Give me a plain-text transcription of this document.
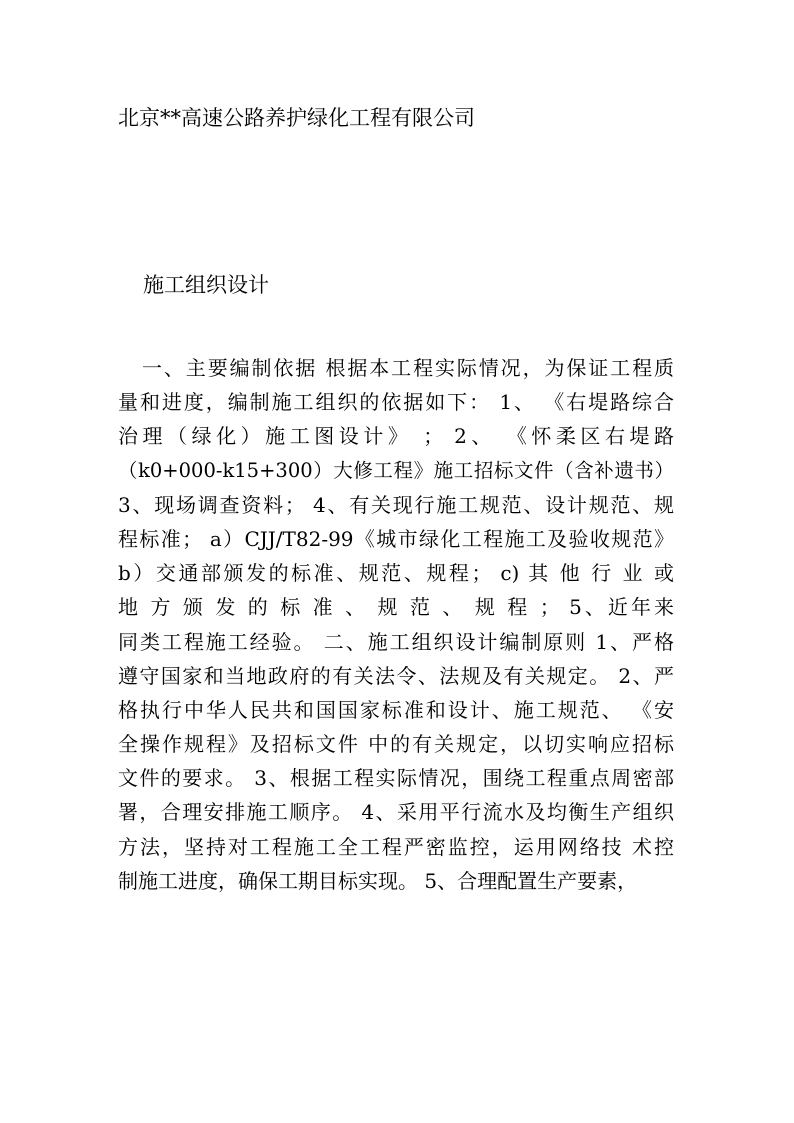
北京**高速公路养护绿化工程有限公司
施工组织设计
一、主要编制依据 根据本工程实际情况，为保证工程质
量和进度，编制施工组织的依据如下： 1、 《右堤路综合
治理（绿化）施工图设计》 ； 2、 《怀柔区右堤路
（k0+000-k15+300）大修工程》施工招标文件（含补遗书）
3、现场调查资料； 4、有关现行施工规范、设计规范、规
程标准； a）CJJ/T82-99《城市绿化工程施工及验收规范》
b）交通部颁发的标准、规范、规程； c) 其 他 行 业 或
地 方 颁 发 的 标 准 、 规 范 、 规 程 ； 5、近年来
同类工程施工经验。 二、施工组织设计编制原则 1、严格
遵守国家和当地政府的有关法令、法规及有关规定。 2、严
格执行中华人民共和国国家标准和设计、施工规范、 《安
全操作规程》及招标文件 中的有关规定，以切实响应招标
文件的要求。 3、根据工程实际情况，围绕工程重点周密部
署，合理安排施工顺序。 4、采用平行流水及均衡生产组织
方法，坚持对工程施工全工程严密监控，运用网络技 术控
制施工进度，确保工期目标实现。 5、合理配置生产要素，
